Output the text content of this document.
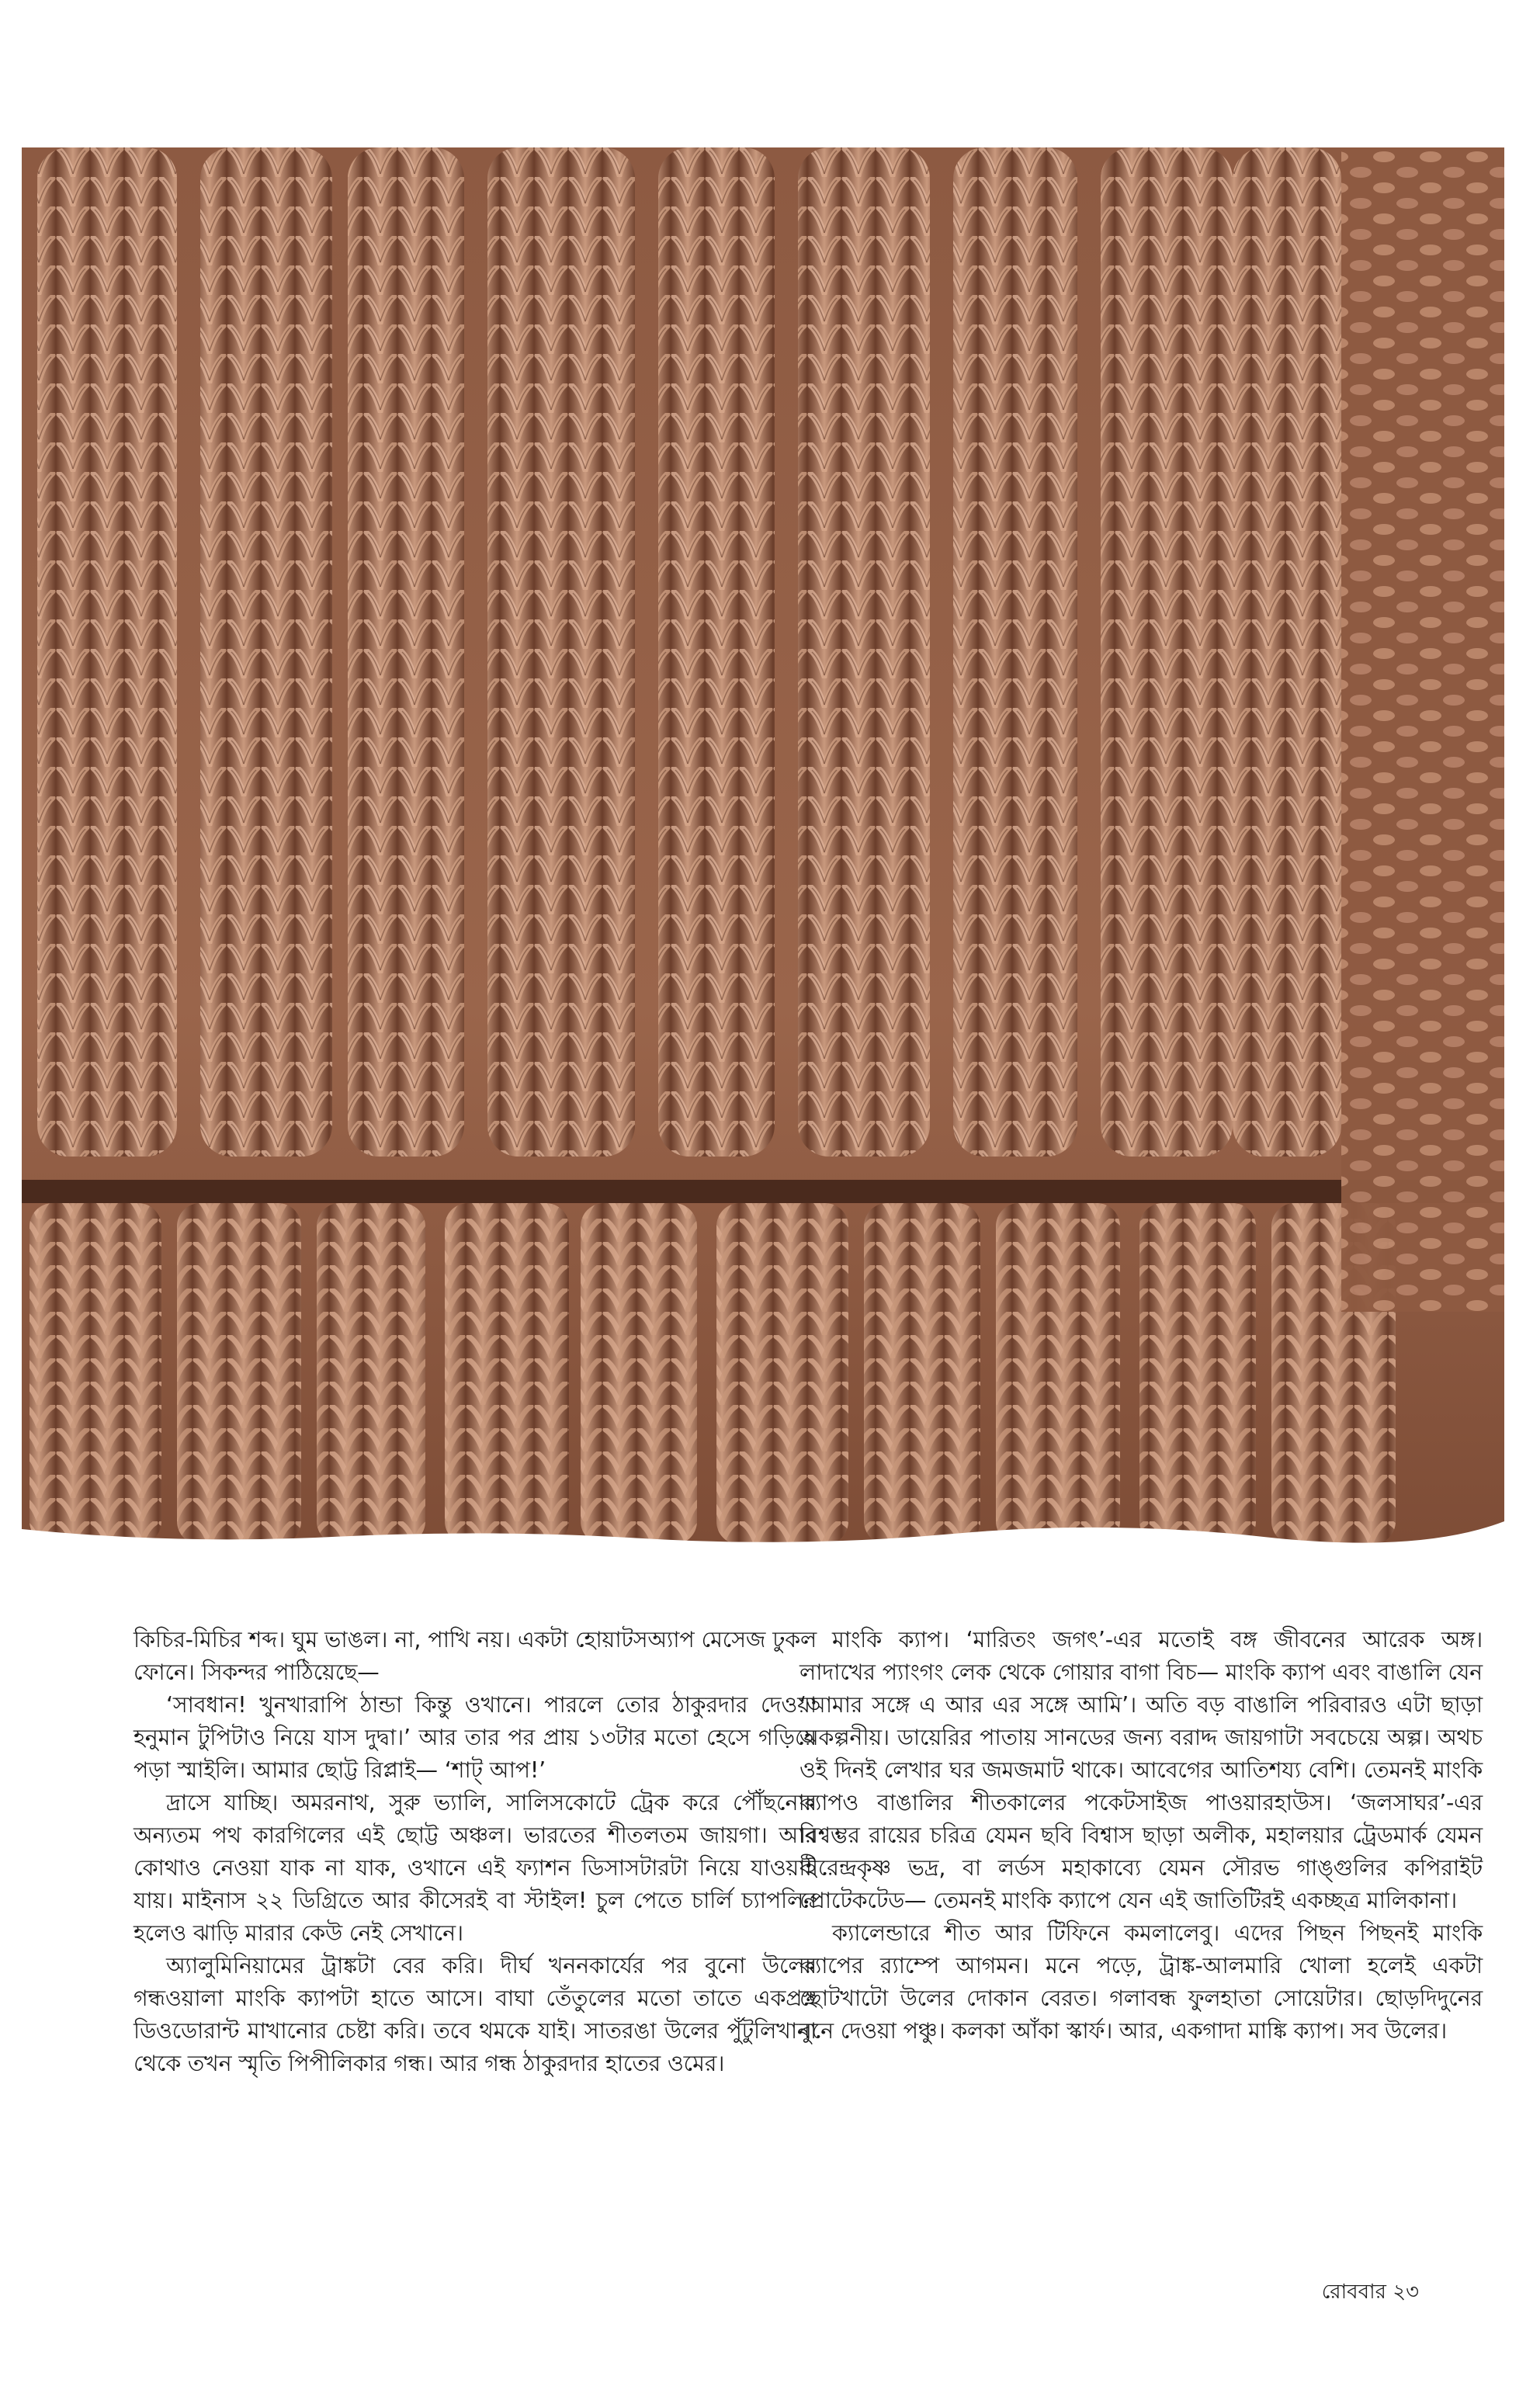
কিচির-মিচির শব্দ। ঘুম ভাঙল। না, পাখি নয়। একটা হোয়াটসঅ্যাপ মেসেজ ঢুকল ফোনে। সিকন্দর পাঠিয়েছে—

‘সাবধান! খুনখারাপি ঠান্ডা কিন্তু ওখানে। পারলে তোর ঠাকুরদার দেওয়া হনুমান টুপিটাও নিয়ে যাস দুদ্বা।’ আর তার পর প্রায় ১৩টার মতো হেসে গড়িয়ে পড়া স্মাইলি। আমার ছোট্ট রিপ্লাই— ‘শাট্‌ আপ!’

দ্রাসে যাচ্ছি। অমরনাথ, সুরু ভ্যালি, সালিসকোটে ট্রেক করে পৌঁছনোর অন্যতম পথ কারগিলের এই ছোট্ট অঞ্চল। ভারতের শীতলতম জায়গা। আর কোথাও নেওয়া যাক না যাক, ওখানে এই ফ্যাশন ডিসাসটারটা নিয়ে যাওয়াই যায়। মাইনাস ২২ ডিগ্রিতে আর কীসেরই বা স্টাইল! চুল পেতে চার্লি চ্যাপলিন হলেও ঝাড়ি মারার কেউ নেই সেখানে।

অ্যালুমিনিয়ামের ট্রাঙ্কটা বের করি। দীর্ঘ খননকার্যের পর বুনো উলের গন্ধওয়ালা মাংকি ক্যাপটা হাতে আসে। বাঘা তেঁতুলের মতো তাতে একপ্রস্থ ডিওডোরান্ট মাখানোর চেষ্টা করি। তবে থমকে যাই। সাতরঙা উলের পুঁটুলিখানা থেকে তখন স্মৃতি পিপীলিকার গন্ধ। আর গন্ধ ঠাকুরদার হাতের ওমের।

মাংকি ক্যাপ। ‘মারিতং জগৎ’-এর মতোই বঙ্গ জীবনের আরেক অঙ্গ। লাদাখের প্যাংগং লেক থেকে গোয়ার বাগা বিচ— মাংকি ক্যাপ এবং বাঙালি যেন ‘আমার সঙ্গে এ আর এর সঙ্গে আমি’। অতি বড় বাঙালি পরিবারও এটা ছাড়া অকল্পনীয়। ডায়েরির পাতায় সানডের জন্য বরাদ্দ জায়গাটা সবচেয়ে অল্প। অথচ ওই দিনই লেখার ঘর জমজমাট থাকে। আবেগের আতিশয্য বেশি। তেমনই মাংকি ক্যাপও বাঙালির শীতকালের পকেটসাইজ পাওয়ারহাউস। ‘জলসাঘর’-এর বিশ্বম্ভর রায়ের চরিত্র যেমন ছবি বিশ্বাস ছাড়া অলীক, মহালয়ার ট্রেডমার্ক যেমন বীরেন্দ্রকৃষ্ণ ভদ্র, বা লর্ডস মহাকাব্যে যেমন সৌরভ গাঙ্গুলির কপিরাইট প্রোটেকটেড— তেমনই মাংকি ক্যাপে যেন এই জাতিটিরই একচ্ছত্র মালিকানা।

ক্যালেন্ডারে শীত আর টিফিনে কমলালেবু। এদের পিছন পিছনই মাংকি ক্যাপের র‍্যাম্পে আগমন। মনে পড়ে, ট্রাঙ্ক-আলমারি খোলা হলেই একটা ছোটখাটো উলের দোকান বেরত। গলাবন্ধ ফুলহাতা সোয়েটার। ছোড়দিদুনের বুনে দেওয়া পঞ্চু। কলকা আঁকা স্কার্ফ। আর, একগাদা মাঙ্কি ক্যাপ। সব উলের।

রোববার ২৩
